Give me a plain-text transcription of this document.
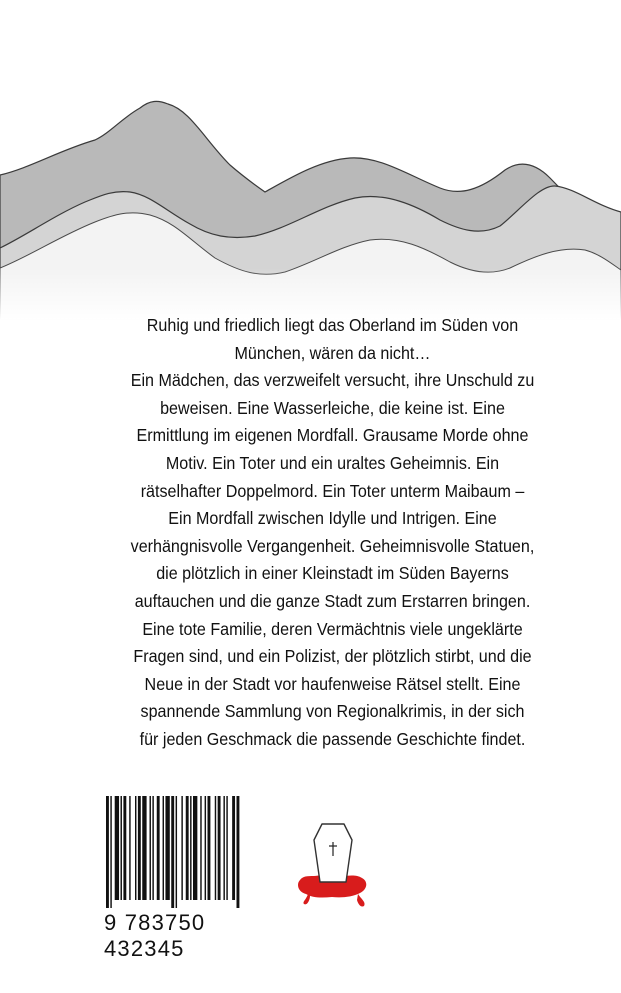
Ruhig und friedlich liegt das Oberland im Süden von
München, wären da nicht…
Ein Mädchen, das verzweifelt versucht, ihre Unschuld zu
beweisen. Eine Wasserleiche, die keine ist. Eine
Ermittlung im eigenen Mordfall. Grausame Morde ohne
Motiv. Ein Toter und ein uraltes Geheimnis. Ein
rätselhafter Doppelmord. Ein Toter unterm Maibaum –
Ein Mordfall zwischen Idylle und Intrigen. Eine
verhängnisvolle Vergangenheit. Geheimnisvolle Statuen,
die plötzlich in einer Kleinstadt im Süden Bayerns
auftauchen und die ganze Stadt zum Erstarren bringen.
Eine tote Familie, deren Vermächtnis viele ungeklärte
Fragen sind, und ein Polizist, der plötzlich stirbt, und die
Neue in der Stadt vor haufenweise Rätsel stellt. Eine
spannende Sammlung von Regionalkrimis, in der sich
für jeden Geschmack die passende Geschichte findet.
9 783750 432345
